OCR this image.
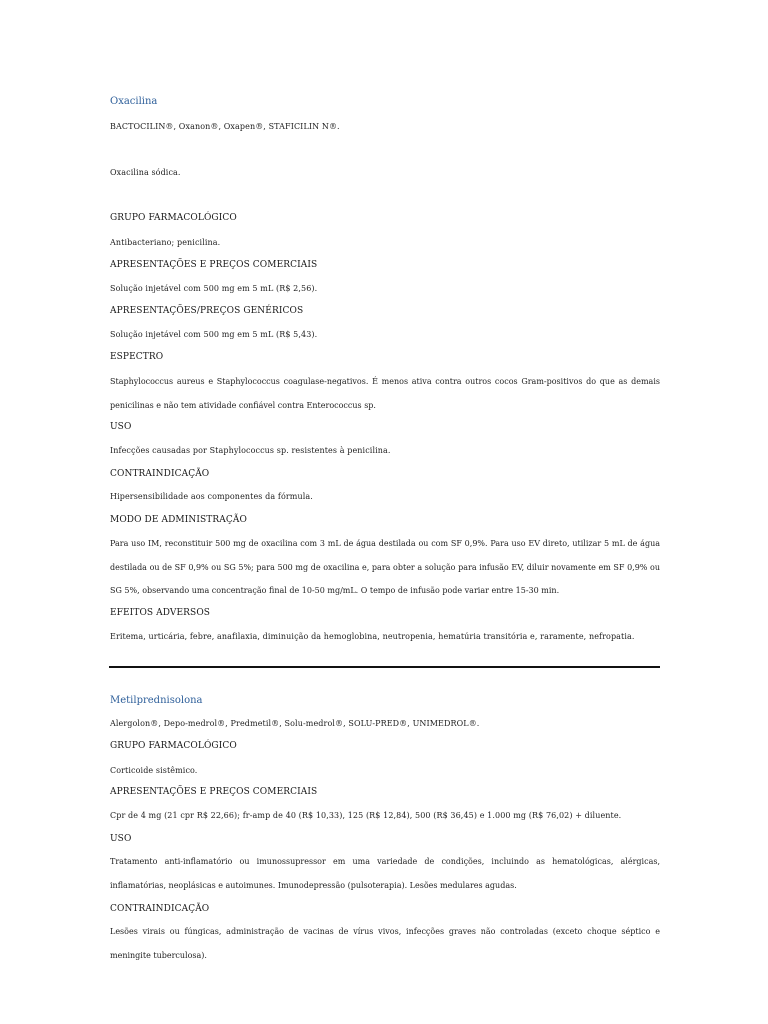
Oxacilina
BACTOCILIN®, Oxanon®, Oxapen®, STAFICILIN N®.
Oxacilina sódica.
GRUPO FARMACOLÓGICO
Antibacteriano; penicilina.
APRESENTAÇÕES E PREÇOS COMERCIAIS
Solução injetável com 500 mg em 5 mL (R$ 2,56).
APRESENTAÇÕES/PREÇOS GENÉRICOS
Solução injetável com 500 mg em 5 mL (R$ 5,43).
ESPECTRO
Staphylococcus aureus e Staphylococcus coagulase-negativos. É menos ativa contra outros cocos Gram-positivos do que as demais penicilinas e não tem atividade confiável contra Enterococcus sp.
USO
Infecções causadas por Staphylococcus sp. resistentes à penicilina.
CONTRAINDICAÇÃO
Hipersensibilidade aos componentes da fórmula.
MODO DE ADMINISTRAÇÃO
Para uso IM, reconstituir 500 mg de oxacilina com 3 mL de água destilada ou com SF 0,9%. Para uso EV direto, utilizar 5 mL de água destilada ou de SF 0,9% ou SG 5%; para 500 mg de oxacilina e, para obter a solução para infusão EV, diluir novamente em SF 0,9% ou SG 5%, observando uma concentração final de 10-50 mg/mL. O tempo de infusão pode variar entre 15-30 min.
EFEITOS ADVERSOS
Eritema, urticária, febre, anafilaxia, diminuição da hemoglobina, neutropenia, hematúria transitória e, raramente, nefropatia.
Metilprednisolona
Alergolon®, Depo-medrol®, Predmetil®, Solu-medrol®, SOLU-PRED®, UNIMEDROL®.
GRUPO FARMACOLÓGICO
Corticoide sistêmico.
APRESENTAÇÕES E PREÇOS COMERCIAIS
Cpr de 4 mg (21 cpr R$ 22,66); fr-amp de 40 (R$ 10,33), 125 (R$ 12,84), 500 (R$ 36,45) e 1.000 mg (R$ 76,02) + diluente.
USO
Tratamento anti-inflamatório ou imunossupressor em uma variedade de condições, incluindo as hematológicas, alérgicas, inflamatórias, neoplásicas e autoimunes. Imunodepressão (pulsoterapia). Lesões medulares agudas.
CONTRAINDICAÇÃO
Lesões virais ou fúngicas, administração de vacinas de vírus vivos, infecções graves não controladas (exceto choque séptico e meningite tuberculosa).
